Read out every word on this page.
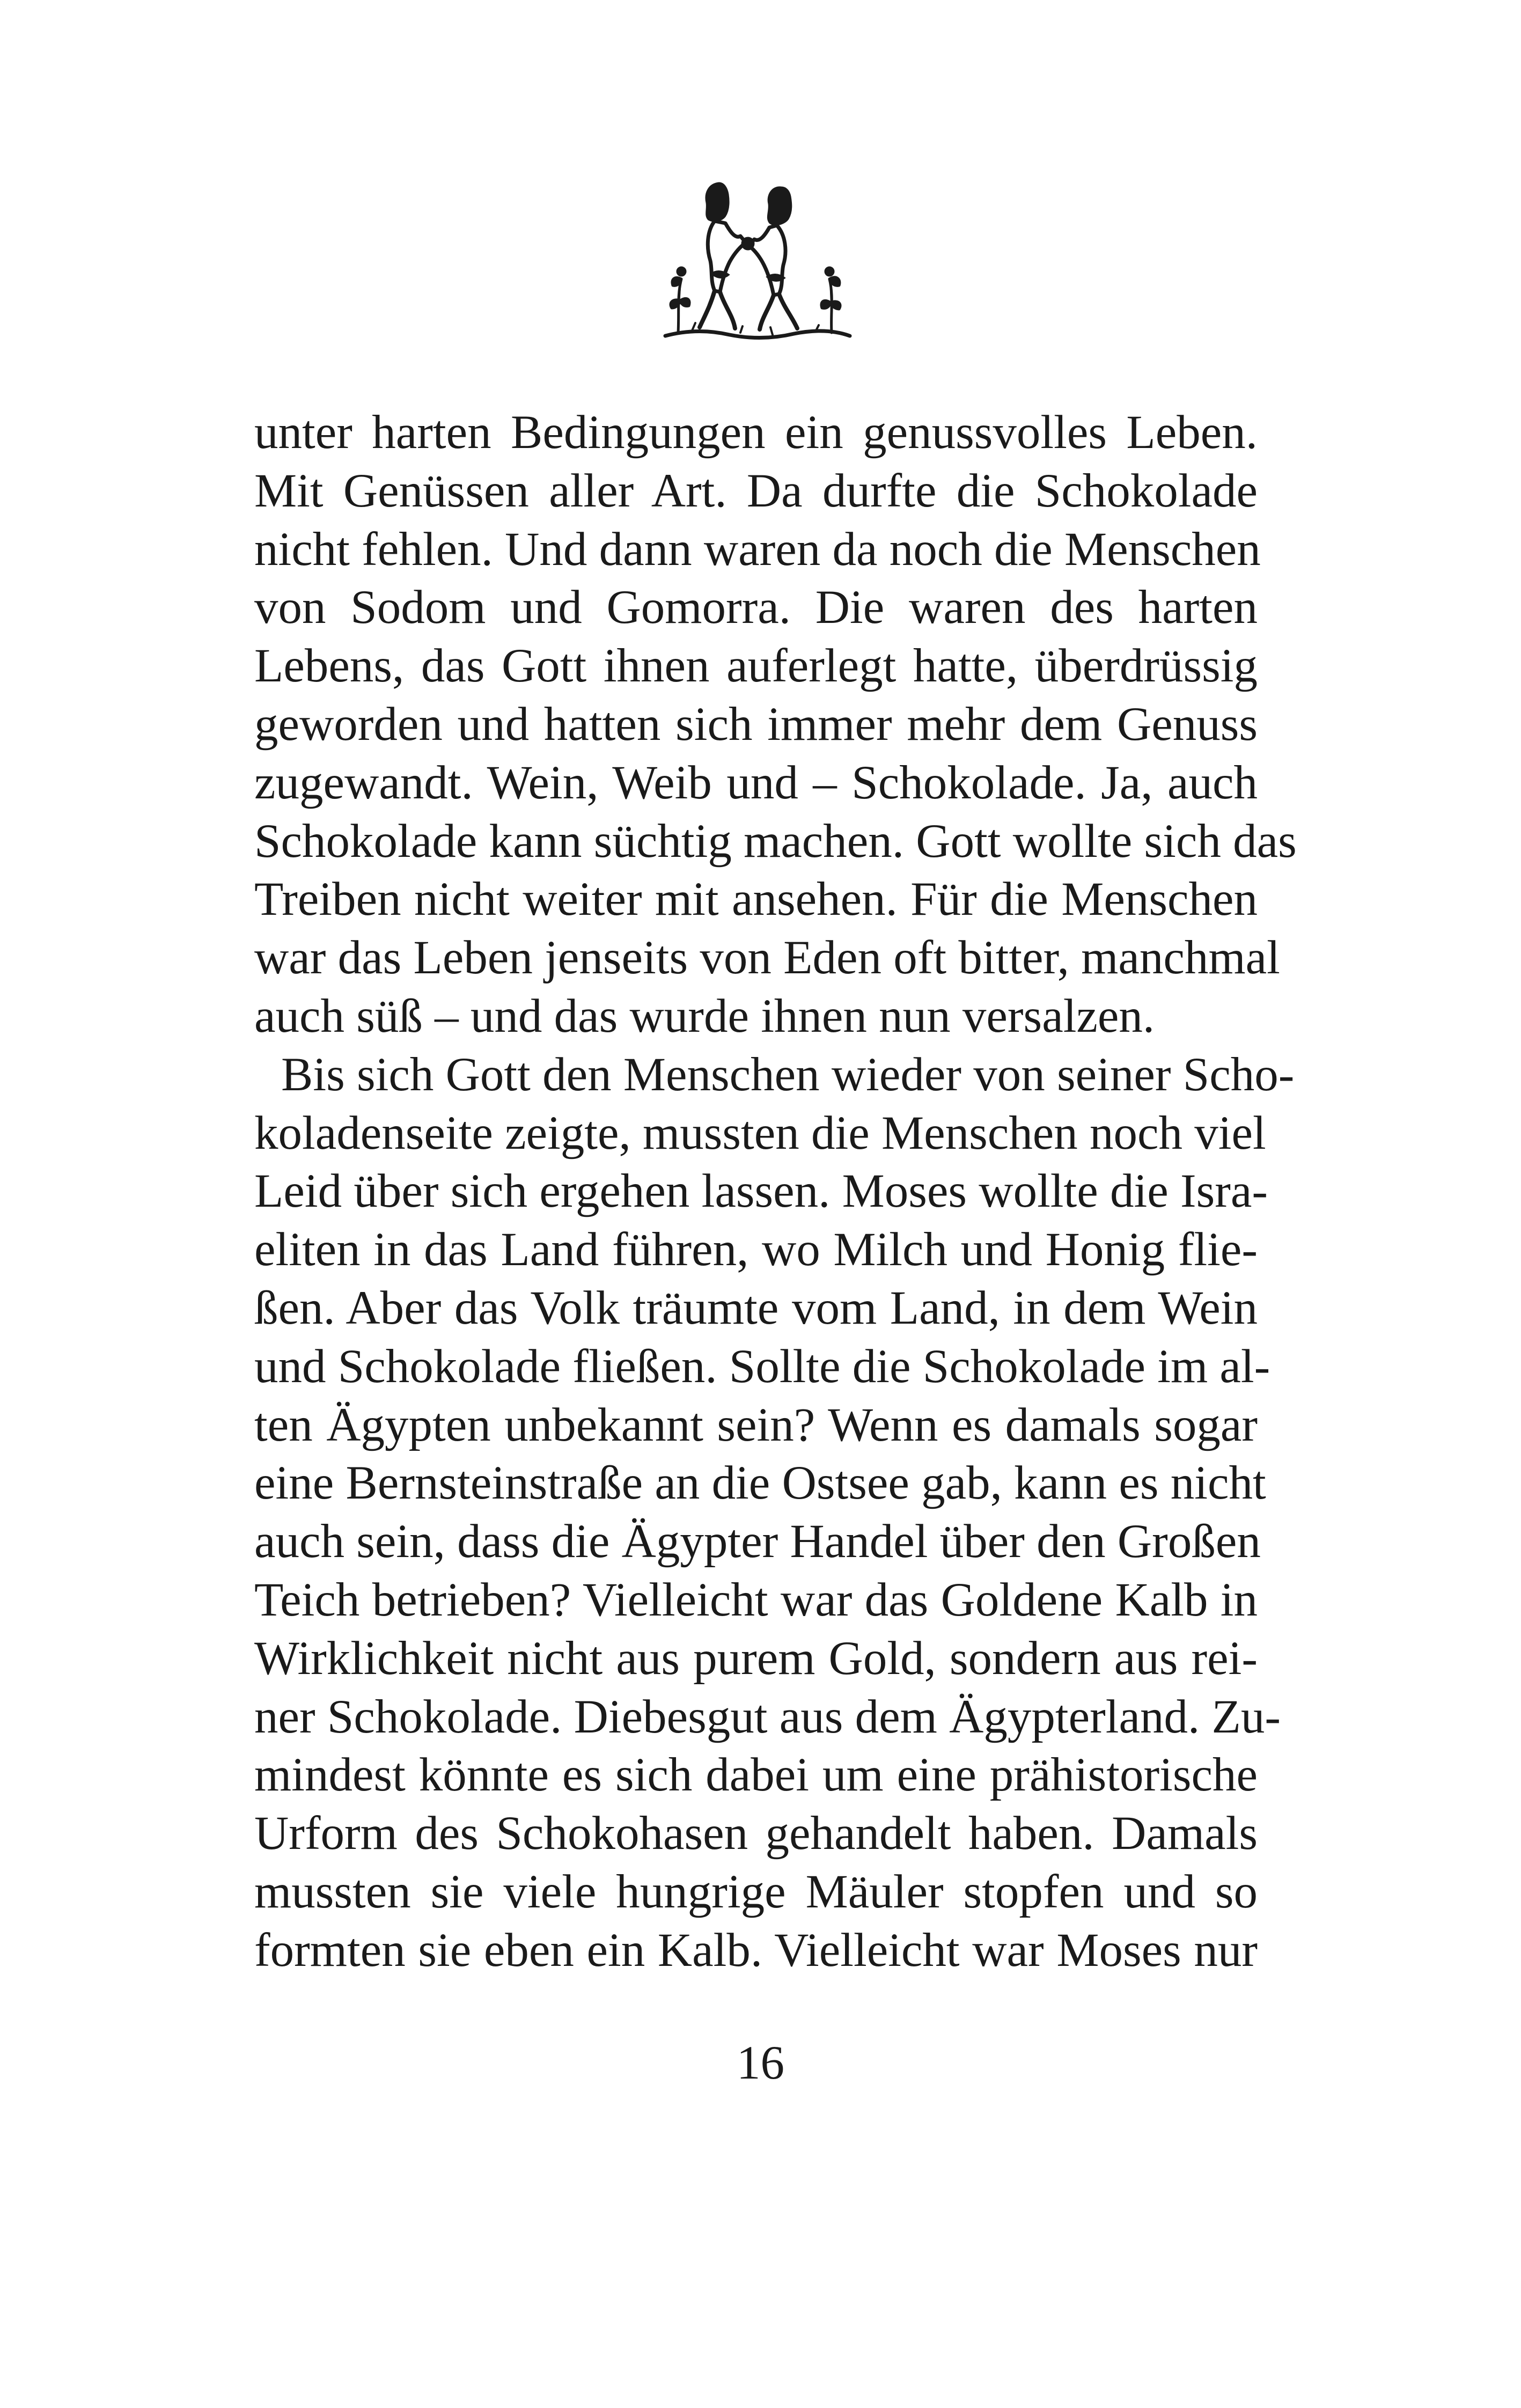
unter harten Bedingungen ein genussvolles Leben.
Mit Genüssen aller Art. Da durfte die Schokolade
nicht fehlen. Und dann waren da noch die Menschen
von Sodom und Gomorra. Die waren des harten
Lebens, das Gott ihnen auferlegt hatte, überdrüssig
geworden und hatten sich immer mehr dem Genuss
zugewandt. Wein, Weib und – Schokolade. Ja, auch
Schokolade kann süchtig machen. Gott wollte sich das
Treiben nicht weiter mit ansehen. Für die Menschen
war das Leben jenseits von Eden oft bitter, manchmal
auch süß – und das wurde ihnen nun versalzen.
Bis sich Gott den Menschen wieder von seiner Scho-
koladenseite zeigte, mussten die Menschen noch viel
Leid über sich ergehen lassen. Moses wollte die Isra-
eliten in das Land führen, wo Milch und Honig flie-
ßen. Aber das Volk träumte vom Land, in dem Wein
und Schokolade fließen. Sollte die Schokolade im al-
ten Ägypten unbekannt sein? Wenn es damals sogar
eine Bernsteinstraße an die Ostsee gab, kann es nicht
auch sein, dass die Ägypter Handel über den Großen
Teich betrieben? Vielleicht war das Goldene Kalb in
Wirklichkeit nicht aus purem Gold, sondern aus rei-
ner Schokolade. Diebesgut aus dem Ägypterland. Zu-
mindest könnte es sich dabei um eine prähistorische
Urform des Schokohasen gehandelt haben. Damals
mussten sie viele hungrige Mäuler stopfen und so
formten sie eben ein Kalb. Vielleicht war Moses nur
16
